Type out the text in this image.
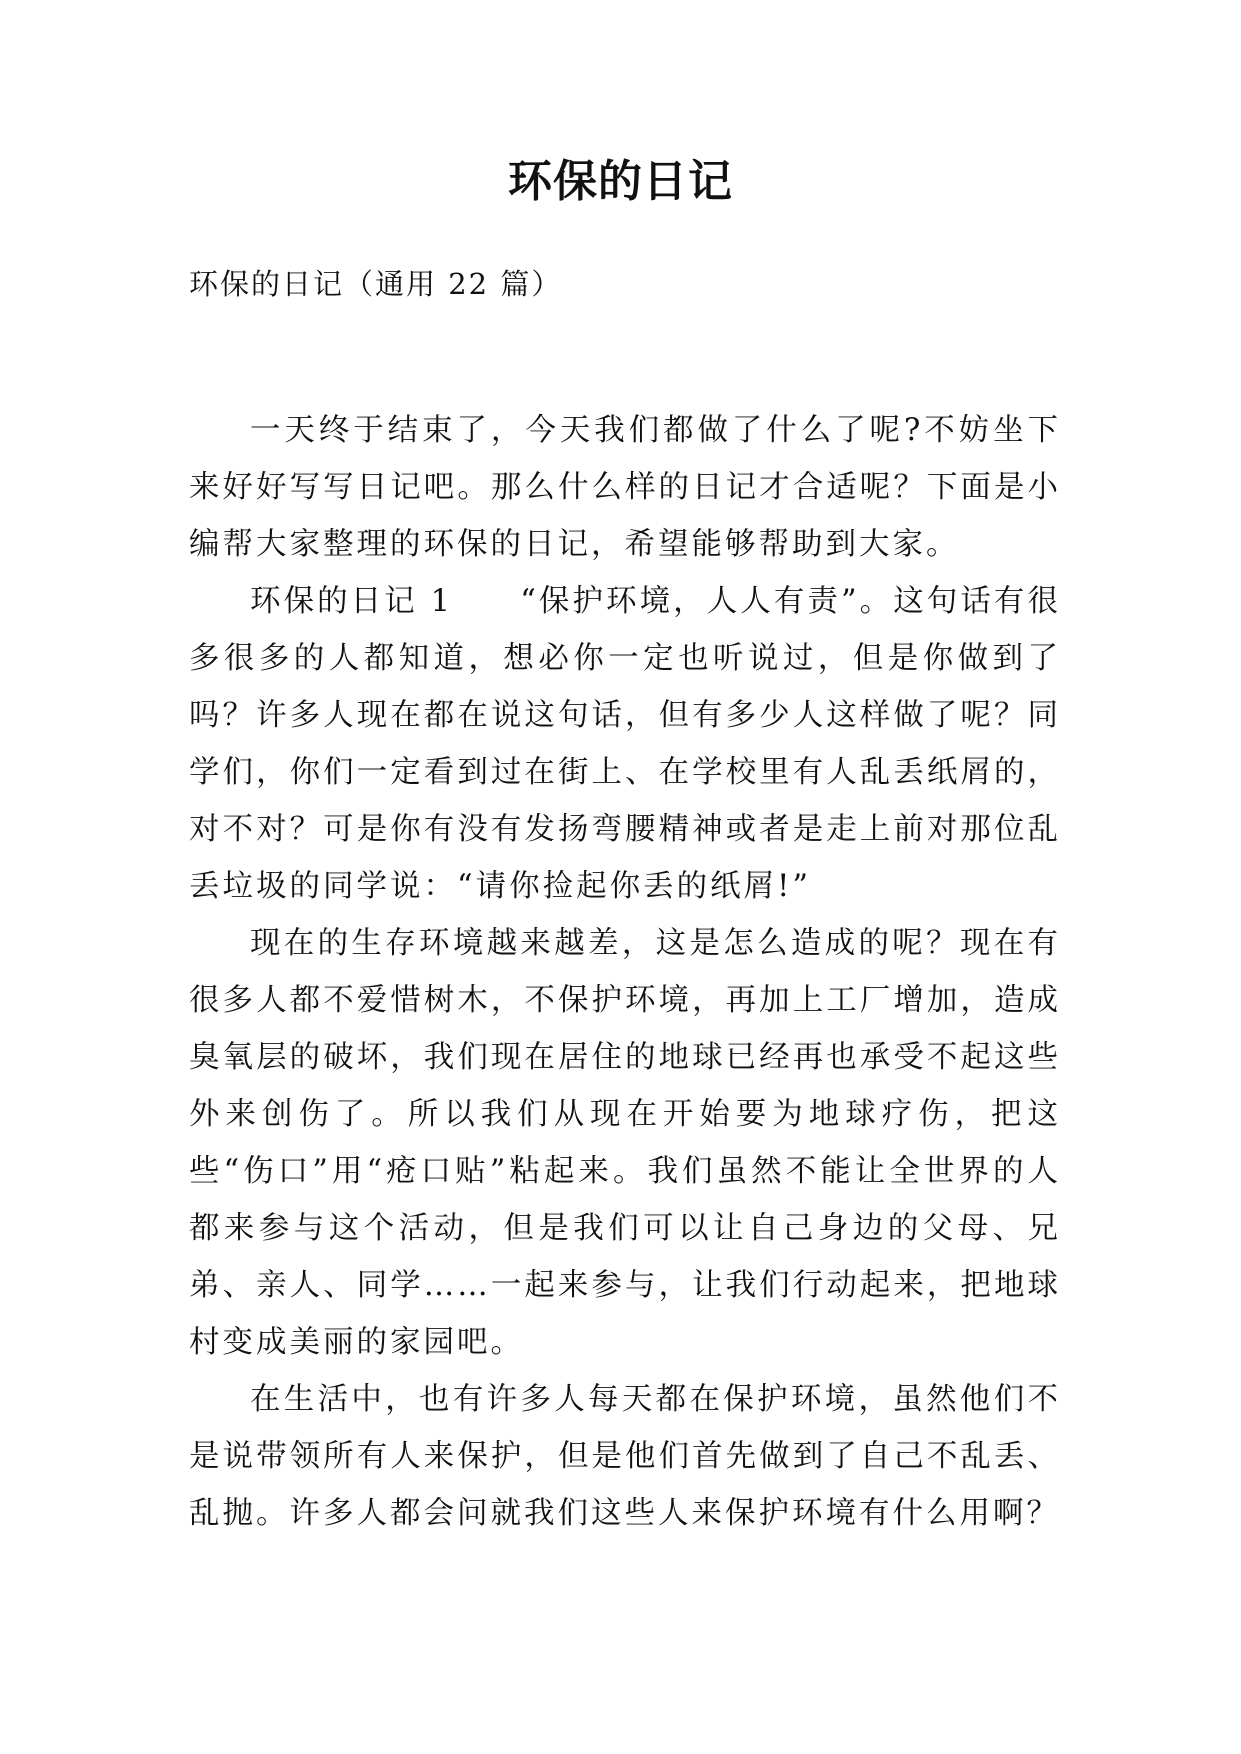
环保的日记
环保的日记（通用 22 篇）

一天终于结束了，今天我们都做了什么了呢?不妨坐下来好好写写日记吧。那么什么样的日记才合适呢？下面是小编帮大家整理的环保的日记，希望能够帮助到大家。

环保的日记 1　　“保护环境，人人有责”。这句话有很多很多的人都知道，想必你一定也听说过，但是你做到了吗？许多人现在都在说这句话，但有多少人这样做了呢？同学们，你们一定看到过在街上、在学校里有人乱丢纸屑的，对不对？可是你有没有发扬弯腰精神或者是走上前对那位乱丢垃圾的同学说：“请你捡起你丢的纸屑!”

现在的生存环境越来越差，这是怎么造成的呢？现在有很多人都不爱惜树木，不保护环境，再加上工厂增加，造成臭氧层的破坏，我们现在居住的地球已经再也承受不起这些外来创伤了。所以我们从现在开始要为地球疗伤，把这些“伤口”用“疮口贴”粘起来。我们虽然不能让全世界的人都来参与这个活动，但是我们可以让自己身边的父母、兄弟、亲人、同学……一起来参与，让我们行动起来，把地球村变成美丽的家园吧。

在生活中，也有许多人每天都在保护环境，虽然他们不是说带领所有人来保护，但是他们首先做到了自己不乱丢、乱抛。许多人都会问就我们这些人来保护环境有什么用啊？
